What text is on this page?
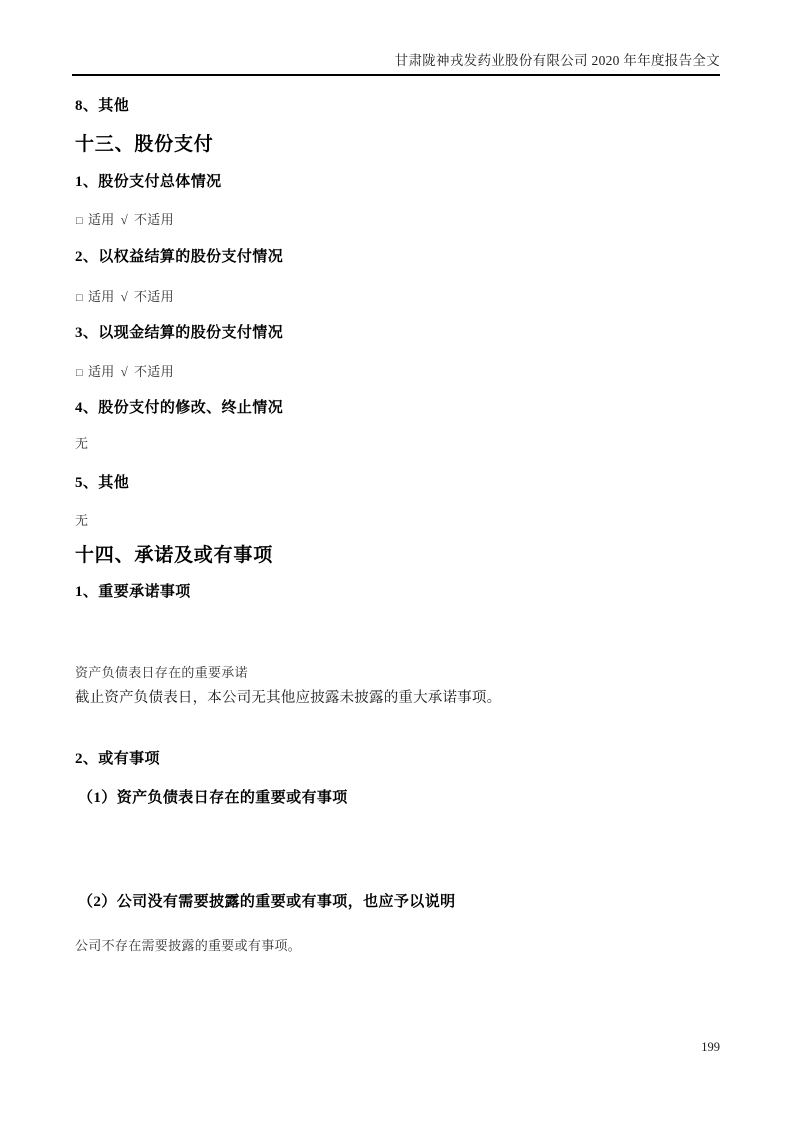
甘肃陇神戎发药业股份有限公司 2020 年年度报告全文
8、其他
十三、股份支付
1、股份支付总体情况
□ 适用 √ 不适用
2、以权益结算的股份支付情况
□ 适用 √ 不适用
3、以现金结算的股份支付情况
□ 适用 √ 不适用
4、股份支付的修改、终止情况
无
5、其他
无
十四、承诺及或有事项
1、重要承诺事项
资产负债表日存在的重要承诺
截止资产负债表日，本公司无其他应披露未披露的重大承诺事项。
2、或有事项
（1）资产负债表日存在的重要或有事项
（2）公司没有需要披露的重要或有事项，也应予以说明
公司不存在需要披露的重要或有事项。
199
